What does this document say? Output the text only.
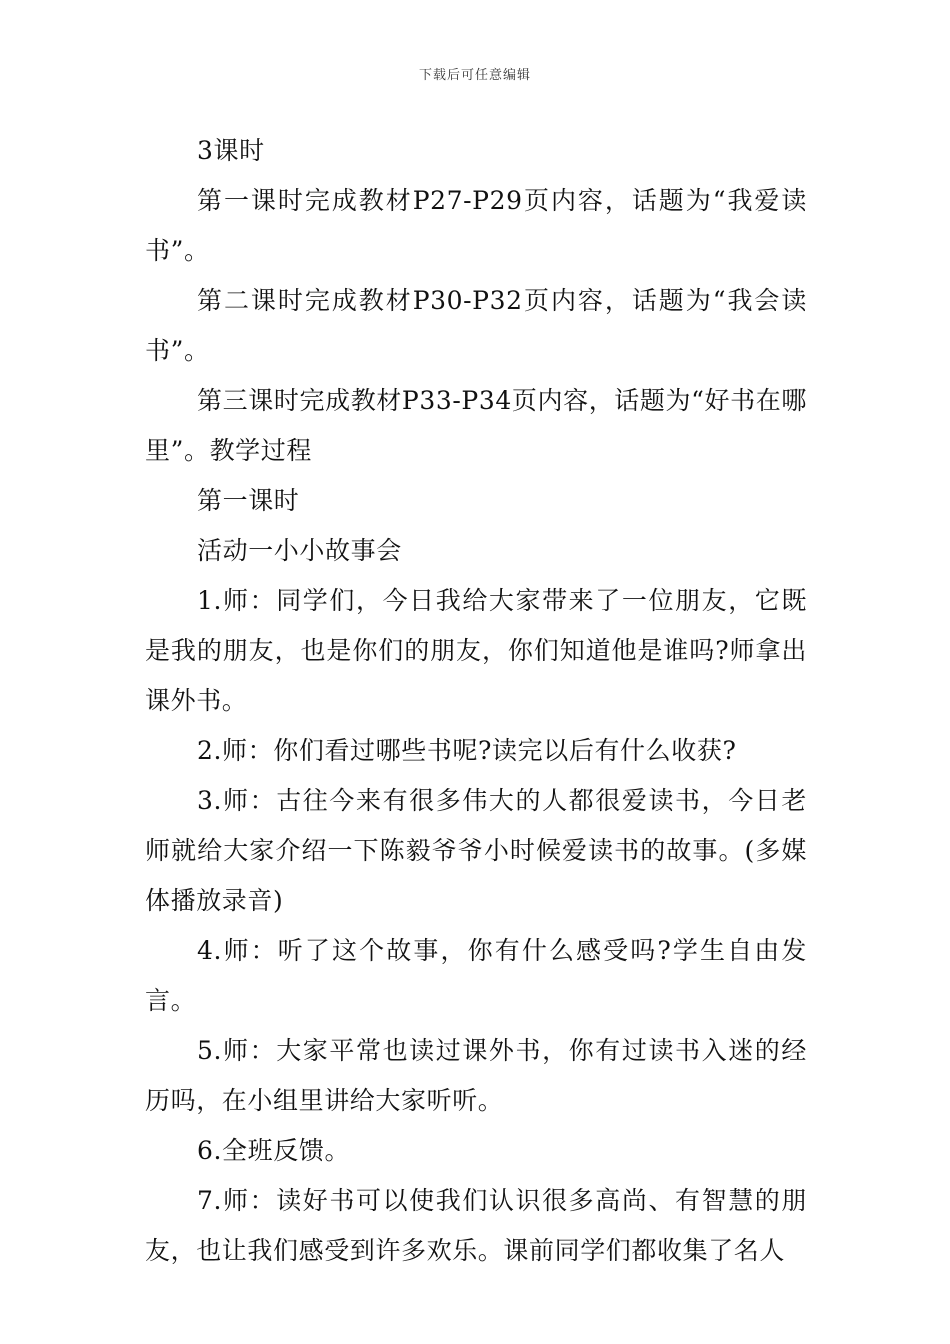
下载后可任意编辑

3课时

第一课时完成教材P27-P29页内容，话题为“我爱读书”。

第二课时完成教材P30-P32页内容，话题为“我会读书”。

第三课时完成教材P33-P34页内容，话题为“好书在哪里”。教学过程

第一课时

活动一小小故事会

1.师：同学们，今日我给大家带来了一位朋友，它既是我的朋友，也是你们的朋友，你们知道他是谁吗?师拿出课外书。

2.师：你们看过哪些书呢?读完以后有什么收获?

3.师：古往今来有很多伟大的人都很爱读书，今日老师就给大家介绍一下陈毅爷爷小时候爱读书的故事。(多媒体播放录音)

4.师：听了这个故事，你有什么感受吗?学生自由发言。

5.师：大家平常也读过课外书，你有过读书入迷的经历吗，在小组里讲给大家听听。

6.全班反馈。

7.师：读好书可以使我们认识很多高尚、有智慧的朋友，也让我们感受到许多欢乐。课前同学们都收集了名人
